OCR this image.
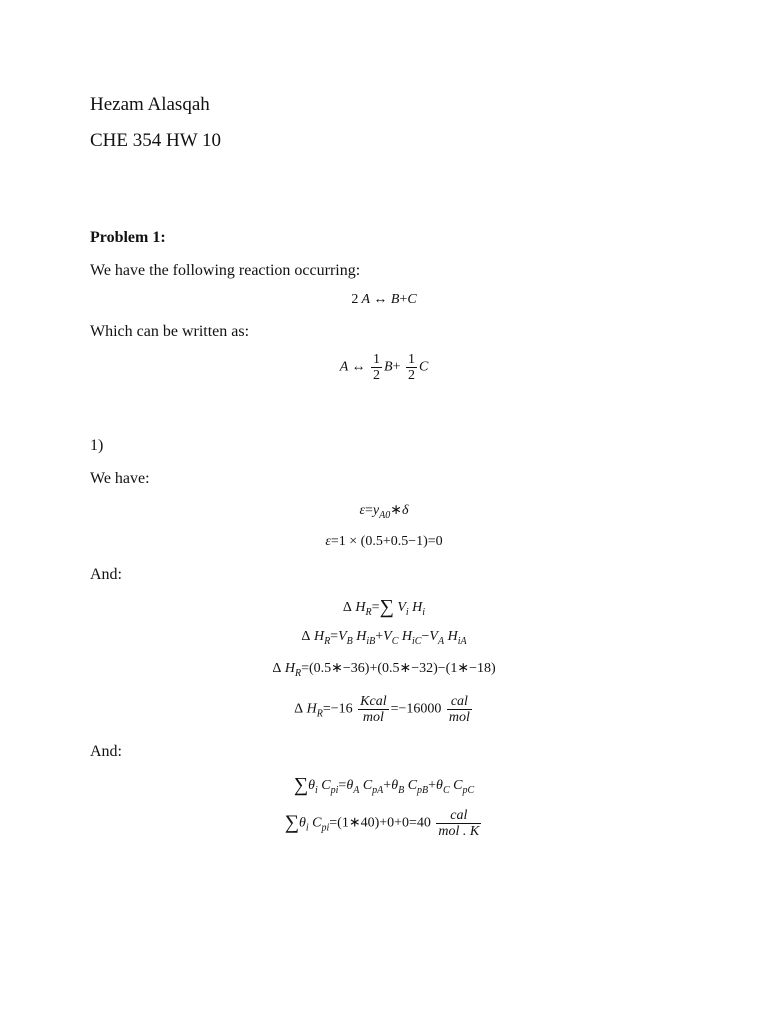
Hezam Alasqah
CHE 354 HW 10
Problem 1:
We have the following reaction occurring:
2 A ↔ B+C
Which can be written as:
A ↔ $\frac{1}{2} B+ \frac{1}{2}$ C
1)
We have:
$\varepsilon=y_{A0}∗\delta$
ε=1 × (0.5+0.5−1)=0
And:
Δ $H_R=\sum$ $V_i$ $H_i$
Δ $H_R=V_B$ $H_{iB}+V_C$ $H_{iC}-V_A$ $H_{iA}$
Δ $H_R=(0.5∗-36)+(0.5∗-32)-(1∗-18)$
Δ $H_R=-16 \frac{\text{Kcal}}{\text{mol}} =-16000 \frac{\text{cal}}{\text{mol}}$
And:
$\sum\theta_i$ $C_{pi}=\theta_A$ $C_{pA}+\theta_B$ $C_{pB}+\theta_C$ $C_{pC}$
$\sum\theta_i$ $C_{pi}=(1∗40)+0+0=40 \frac{\text{cal}}{\text{mol . K}}$
